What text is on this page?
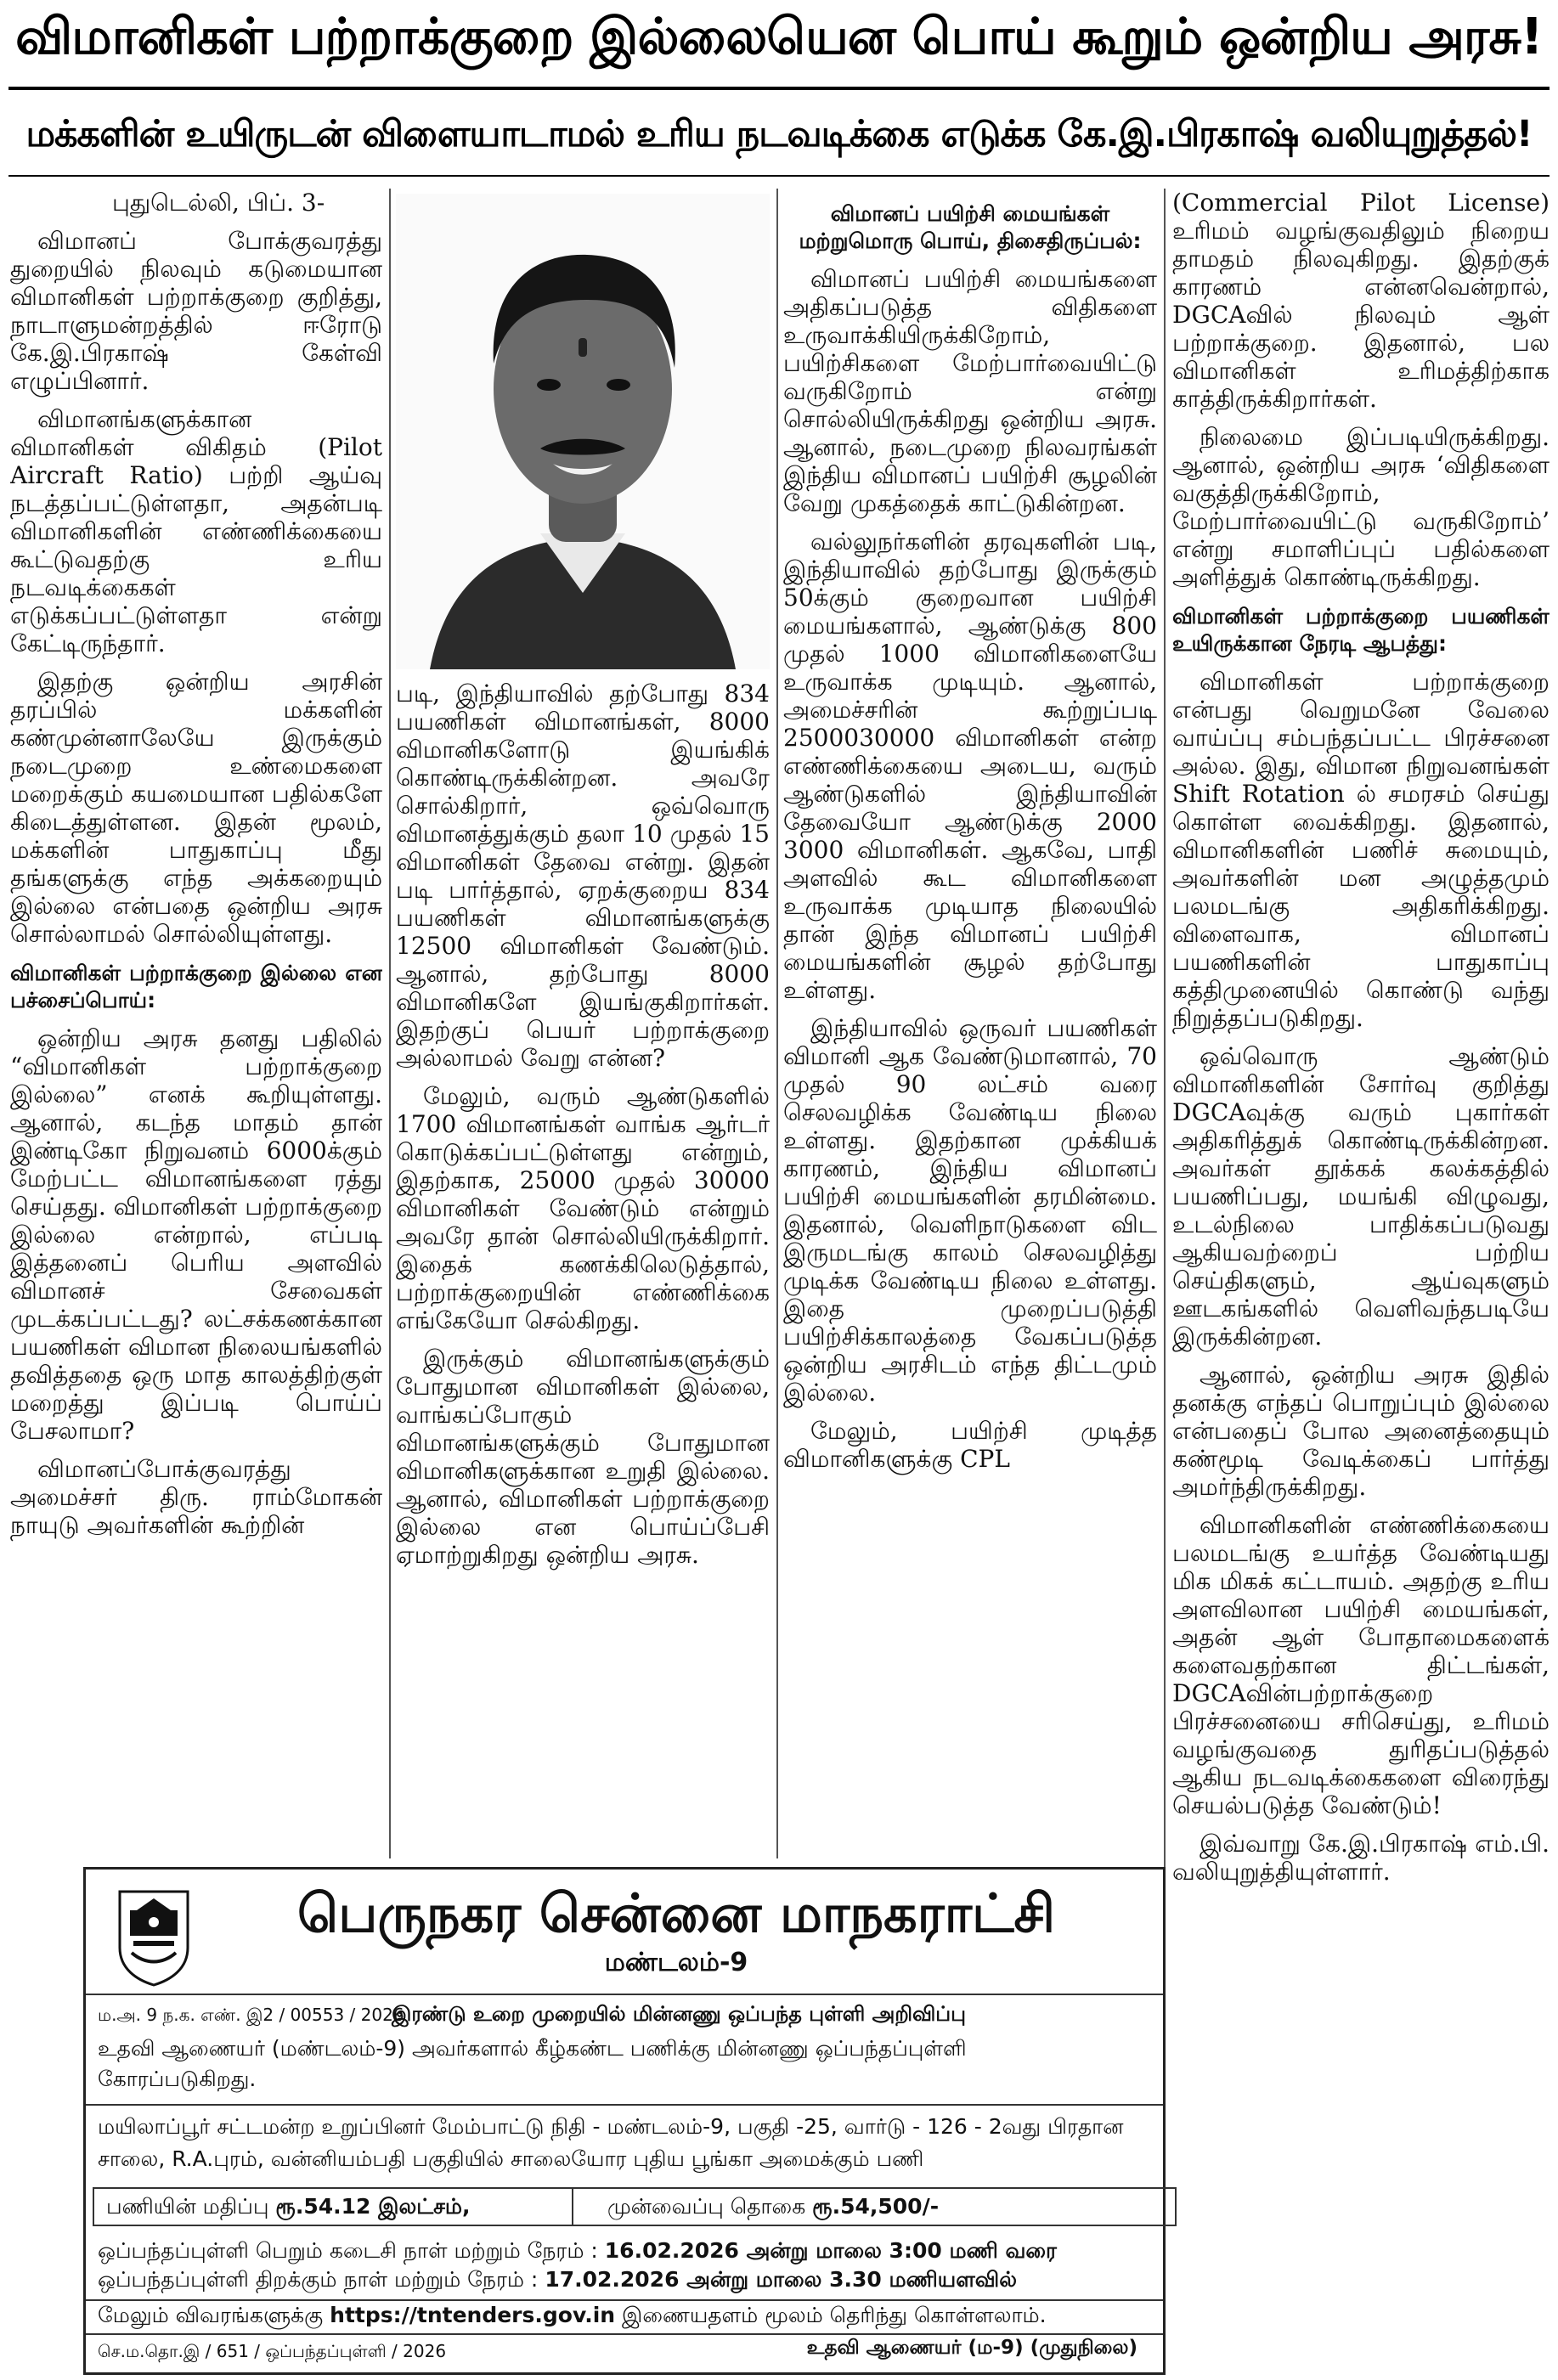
விமானிகள் பற்றாக்குறை இல்லையென பொய் கூறும் ஒன்றிய அரசு!
மக்களின் உயிருடன் விளையாடாமல் உரிய நடவடிக்கை எடுக்க கே.இ.பிரகாஷ் வலியுறுத்தல்!

புதுடெல்லி, பிப். 3-

விமானப் போக்குவரத்து துறையில் நிலவும் கடுமையான விமானிகள் பற்றாக்குறை குறித்து, நாடாளுமன்றத்தில் ஈரோடு கே.இ.பிரகாஷ் கேள்வி எழுப்பினார்.

விமானங்களுக்கான விமானிகள் விகிதம் (Pilot Aircraft Ratio) பற்றி ஆய்வு நடத்தப்பட்டுள்ளதா, அதன்படி விமானிகளின் எண்ணிக்கையை கூட்டுவதற்கு உரிய நடவடிக்கைகள் எடுக்கப்பட்டுள்ளதா என்று கேட்டிருந்தார்.

இதற்கு ஒன்றிய அரசின் தரப்பில் மக்களின் கண்முன்னாலேயே இருக்கும் நடைமுறை உண்மைகளை மறைக்கும் கயமையான பதில்களே கிடைத்துள்ளன. இதன் மூலம், மக்களின் பாதுகாப்பு மீது தங்களுக்கு எந்த அக்கறையும் இல்லை என்பதை ஒன்றிய அரசு சொல்லாமல் சொல்லியுள்ளது.

விமானிகள் பற்றாக்குறை இல்லை என பச்சைப்பொய்:

ஒன்றிய அரசு தனது பதிலில் “விமானிகள் பற்றாக்குறை இல்லை” எனக் கூறியுள்ளது. ஆனால், கடந்த மாதம் தான் இண்டிகோ நிறுவனம் 6000க்கும் மேற்பட்ட விமானங்களை ரத்து செய்தது. விமானிகள் பற்றாக்குறை இல்லை என்றால், எப்படி இத்தனைப் பெரிய அளவில் விமானச் சேவைகள் முடக்கப்பட்டது? லட்சக்கணக்கான பயணிகள் விமான நிலையங்களில் தவித்ததை ஒரு மாத காலத்திற்குள் மறைத்து இப்படி பொய்ப் பேசலாமா?

விமானப்போக்குவரத்து அமைச்சர் திரு. ராம்மோகன் நாயுடு அவர்களின் கூற்றின்

படி, இந்தியாவில் தற்போது 834 பயணிகள் விமானங்கள், 8000 விமானிகளோடு இயங்கிக் கொண்டிருக்கின்றன. அவரே சொல்கிறார், ஒவ்வொரு விமானத்துக்கும் தலா 10 முதல் 15 விமானிகள் தேவை என்று. இதன் படி பார்த்தால், ஏறக்குறைய 834 பயணிகள் விமானங்களுக்கு 12500 விமானிகள் வேண்டும். ஆனால், தற்போது 8000 விமானிகளே இயங்குகிறார்கள். இதற்குப் பெயர் பற்றாக்குறை அல்லாமல் வேறு என்ன?

மேலும், வரும் ஆண்டுகளில் 1700 விமானங்கள் வாங்க ஆர்டர் கொடுக்கப்பட்டுள்ளது என்றும், இதற்காக, 25000 முதல் 30000 விமானிகள் வேண்டும் என்றும் அவரே தான் சொல்லியிருக்கிறார். இதைக் கணக்கிலெடுத்தால், பற்றாக்குறையின் எண்ணிக்கை எங்கேயோ செல்கிறது.

இருக்கும் விமானங்களுக்கும் போதுமான விமானிகள் இல்லை, வாங்கப்போகும் விமானங்களுக்கும் போதுமான விமானிகளுக்கான உறுதி இல்லை. ஆனால், விமானிகள் பற்றாக்குறை இல்லை என பொய்ப்பேசி ஏமாற்றுகிறது ஒன்றிய அரசு.

விமானப் பயிற்சி மையங்கள் மற்றுமொரு பொய், திசைதிருப்பல்:

விமானப் பயிற்சி மையங்களை அதிகப்படுத்த விதிகளை உருவாக்கியிருக்கிறோம், பயிற்சிகளை மேற்பார்வையிட்டு வருகிறோம் என்று சொல்லியிருக்கிறது ஒன்றிய அரசு. ஆனால், நடைமுறை நிலவரங்கள் இந்திய விமானப் பயிற்சி சூழலின் வேறு முகத்தைக் காட்டுகின்றன.

வல்லுநர்களின் தரவுகளின் படி, இந்தியாவில் தற்போது இருக்கும் 50க்கும் குறைவான பயிற்சி மையங்களால், ஆண்டுக்கு 800 முதல் 1000 விமானிகளையே உருவாக்க முடியும். ஆனால், அமைச்சரின் கூற்றுப்படி 2500030000 விமானிகள் என்ற எண்ணிக்கையை அடைய, வரும் ஆண்டுகளில் இந்தியாவின் தேவையோ ஆண்டுக்கு 2000 3000 விமானிகள். ஆகவே, பாதி அளவில் கூட விமானிகளை உருவாக்க முடியாத நிலையில் தான் இந்த விமானப் பயிற்சி மையங்களின் சூழல் தற்போது உள்ளது.

இந்தியாவில் ஒருவர் பயணிகள் விமானி ஆக வேண்டுமானால், 70 முதல் 90 லட்சம் வரை செலவழிக்க வேண்டிய நிலை உள்ளது. இதற்கான முக்கியக் காரணம், இந்திய விமானப் பயிற்சி மையங்களின் தரமின்மை. இதனால், வெளிநாடுகளை விட இருமடங்கு காலம் செலவழித்து முடிக்க வேண்டிய நிலை உள்ளது. இதை முறைப்படுத்தி பயிற்சிக்காலத்தை வேகப்படுத்த ஒன்றிய அரசிடம் எந்த திட்டமும் இல்லை.

மேலும், பயிற்சி முடித்த விமானிகளுக்கு CPL

(Commercial Pilot License) உரிமம் வழங்குவதிலும் நிறைய தாமதம் நிலவுகிறது. இதற்குக் காரணம் என்னவென்றால், DGCAவில் நிலவும் ஆள் பற்றாக்குறை. இதனால், பல விமானிகள் உரிமத்திற்காக காத்திருக்கிறார்கள்.

நிலைமை இப்படியிருக்கிறது. ஆனால், ஒன்றிய அரசு ‘விதிகளை வகுத்திருக்கிறோம், மேற்பார்வையிட்டு வருகிறோம்’ என்று சமாளிப்புப் பதில்களை அளித்துக் கொண்டிருக்கிறது.

விமானிகள் பற்றாக்குறை பயணிகள் உயிருக்கான நேரடி ஆபத்து:

விமானிகள் பற்றாக்குறை என்பது வெறுமனே வேலை வாய்ப்பு சம்பந்தப்பட்ட பிரச்சனை அல்ல. இது, விமான நிறுவனங்கள் Shift Rotation ல் சமரசம் செய்து கொள்ள வைக்கிறது. இதனால், விமானிகளின் பணிச் சுமையும், அவர்களின் மன அழுத்தமும் பலமடங்கு அதிகரிக்கிறது. விளைவாக, விமானப் பயணிகளின் பாதுகாப்பு கத்திமுனையில் கொண்டு வந்து நிறுத்தப்படுகிறது.

ஒவ்வொரு ஆண்டும் விமானிகளின் சோர்வு குறித்து DGCAவுக்கு வரும் புகார்கள் அதிகரித்துக் கொண்டிருக்கின்றன. அவர்கள் தூக்கக் கலக்கத்தில் பயணிப்பது, மயங்கி விழுவது, உடல்நிலை பாதிக்கப்படுவது ஆகியவற்றைப் பற்றிய செய்திகளும், ஆய்வுகளும் ஊடகங்களில் வெளிவந்தபடியே இருக்கின்றன.

ஆனால், ஒன்றிய அரசு இதில் தனக்கு எந்தப் பொறுப்பும் இல்லை என்பதைப் போல அனைத்தையும் கண்மூடி வேடிக்கைப் பார்த்து அமர்ந்திருக்கிறது.

விமானிகளின் எண்ணிக்கையை பலமடங்கு உயர்த்த வேண்டியது மிக மிகக் கட்டாயம். அதற்கு உரிய அளவிலான பயிற்சி மையங்கள், அதன் ஆள் போதாமைகளைக் களைவதற்கான திட்டங்கள், DGCAவின்பற்றாக்குறை பிரச்சனையை சரிசெய்து, உரிமம் வழங்குவதை துரிதப்படுத்தல் ஆகிய நடவடிக்கைகளை விரைந்து செயல்படுத்த வேண்டும்!

இவ்வாறு கே.இ.பிரகாஷ் எம்.பி. வலியுறுத்தியுள்ளார்.

பெருநகர சென்னை மாநகராட்சி
மண்டலம்-9
ம.அ. 9 ந.க. எண். இ2 / 00553 / 2026
இரண்டு உறை முறையில் மின்னணு ஒப்பந்த புள்ளி அறிவிப்பு
உதவி ஆணையர் (மண்டலம்-9) அவர்களால் கீழ்கண்ட பணிக்கு மின்னணு ஒப்பந்தப்புள்ளி
கோரப்படுகிறது.
மயிலாப்பூர் சட்டமன்ற உறுப்பினர் மேம்பாட்டு நிதி - மண்டலம்-9, பகுதி -25, வார்டு - 126 - 2வது பிரதான
சாலை, R.A.புரம், வன்னியம்பதி பகுதியில் சாலையோர புதிய பூங்கா அமைக்கும் பணி
பணியின் மதிப்பு ரூ.54.12 இலட்சம்,	முன்வைப்பு தொகை ரூ.54,500/-
ஒப்பந்தப்புள்ளி பெறும் கடைசி நாள் மற்றும் நேரம் : 16.02.2026 அன்று மாலை 3:00 மணி வரை
ஒப்பந்தப்புள்ளி திறக்கும் நாள் மற்றும் நேரம் : 17.02.2026 அன்று மாலை 3.30 மணியளவில்
மேலும் விவரங்களுக்கு https://tntenders.gov.in இணையதளம் மூலம் தெரிந்து கொள்ளலாம்.
செ.ம.தொ.இ / 651 / ஒப்பந்தப்புள்ளி / 2026	உதவி ஆணையர் (ம-9) (முதுநிலை)
